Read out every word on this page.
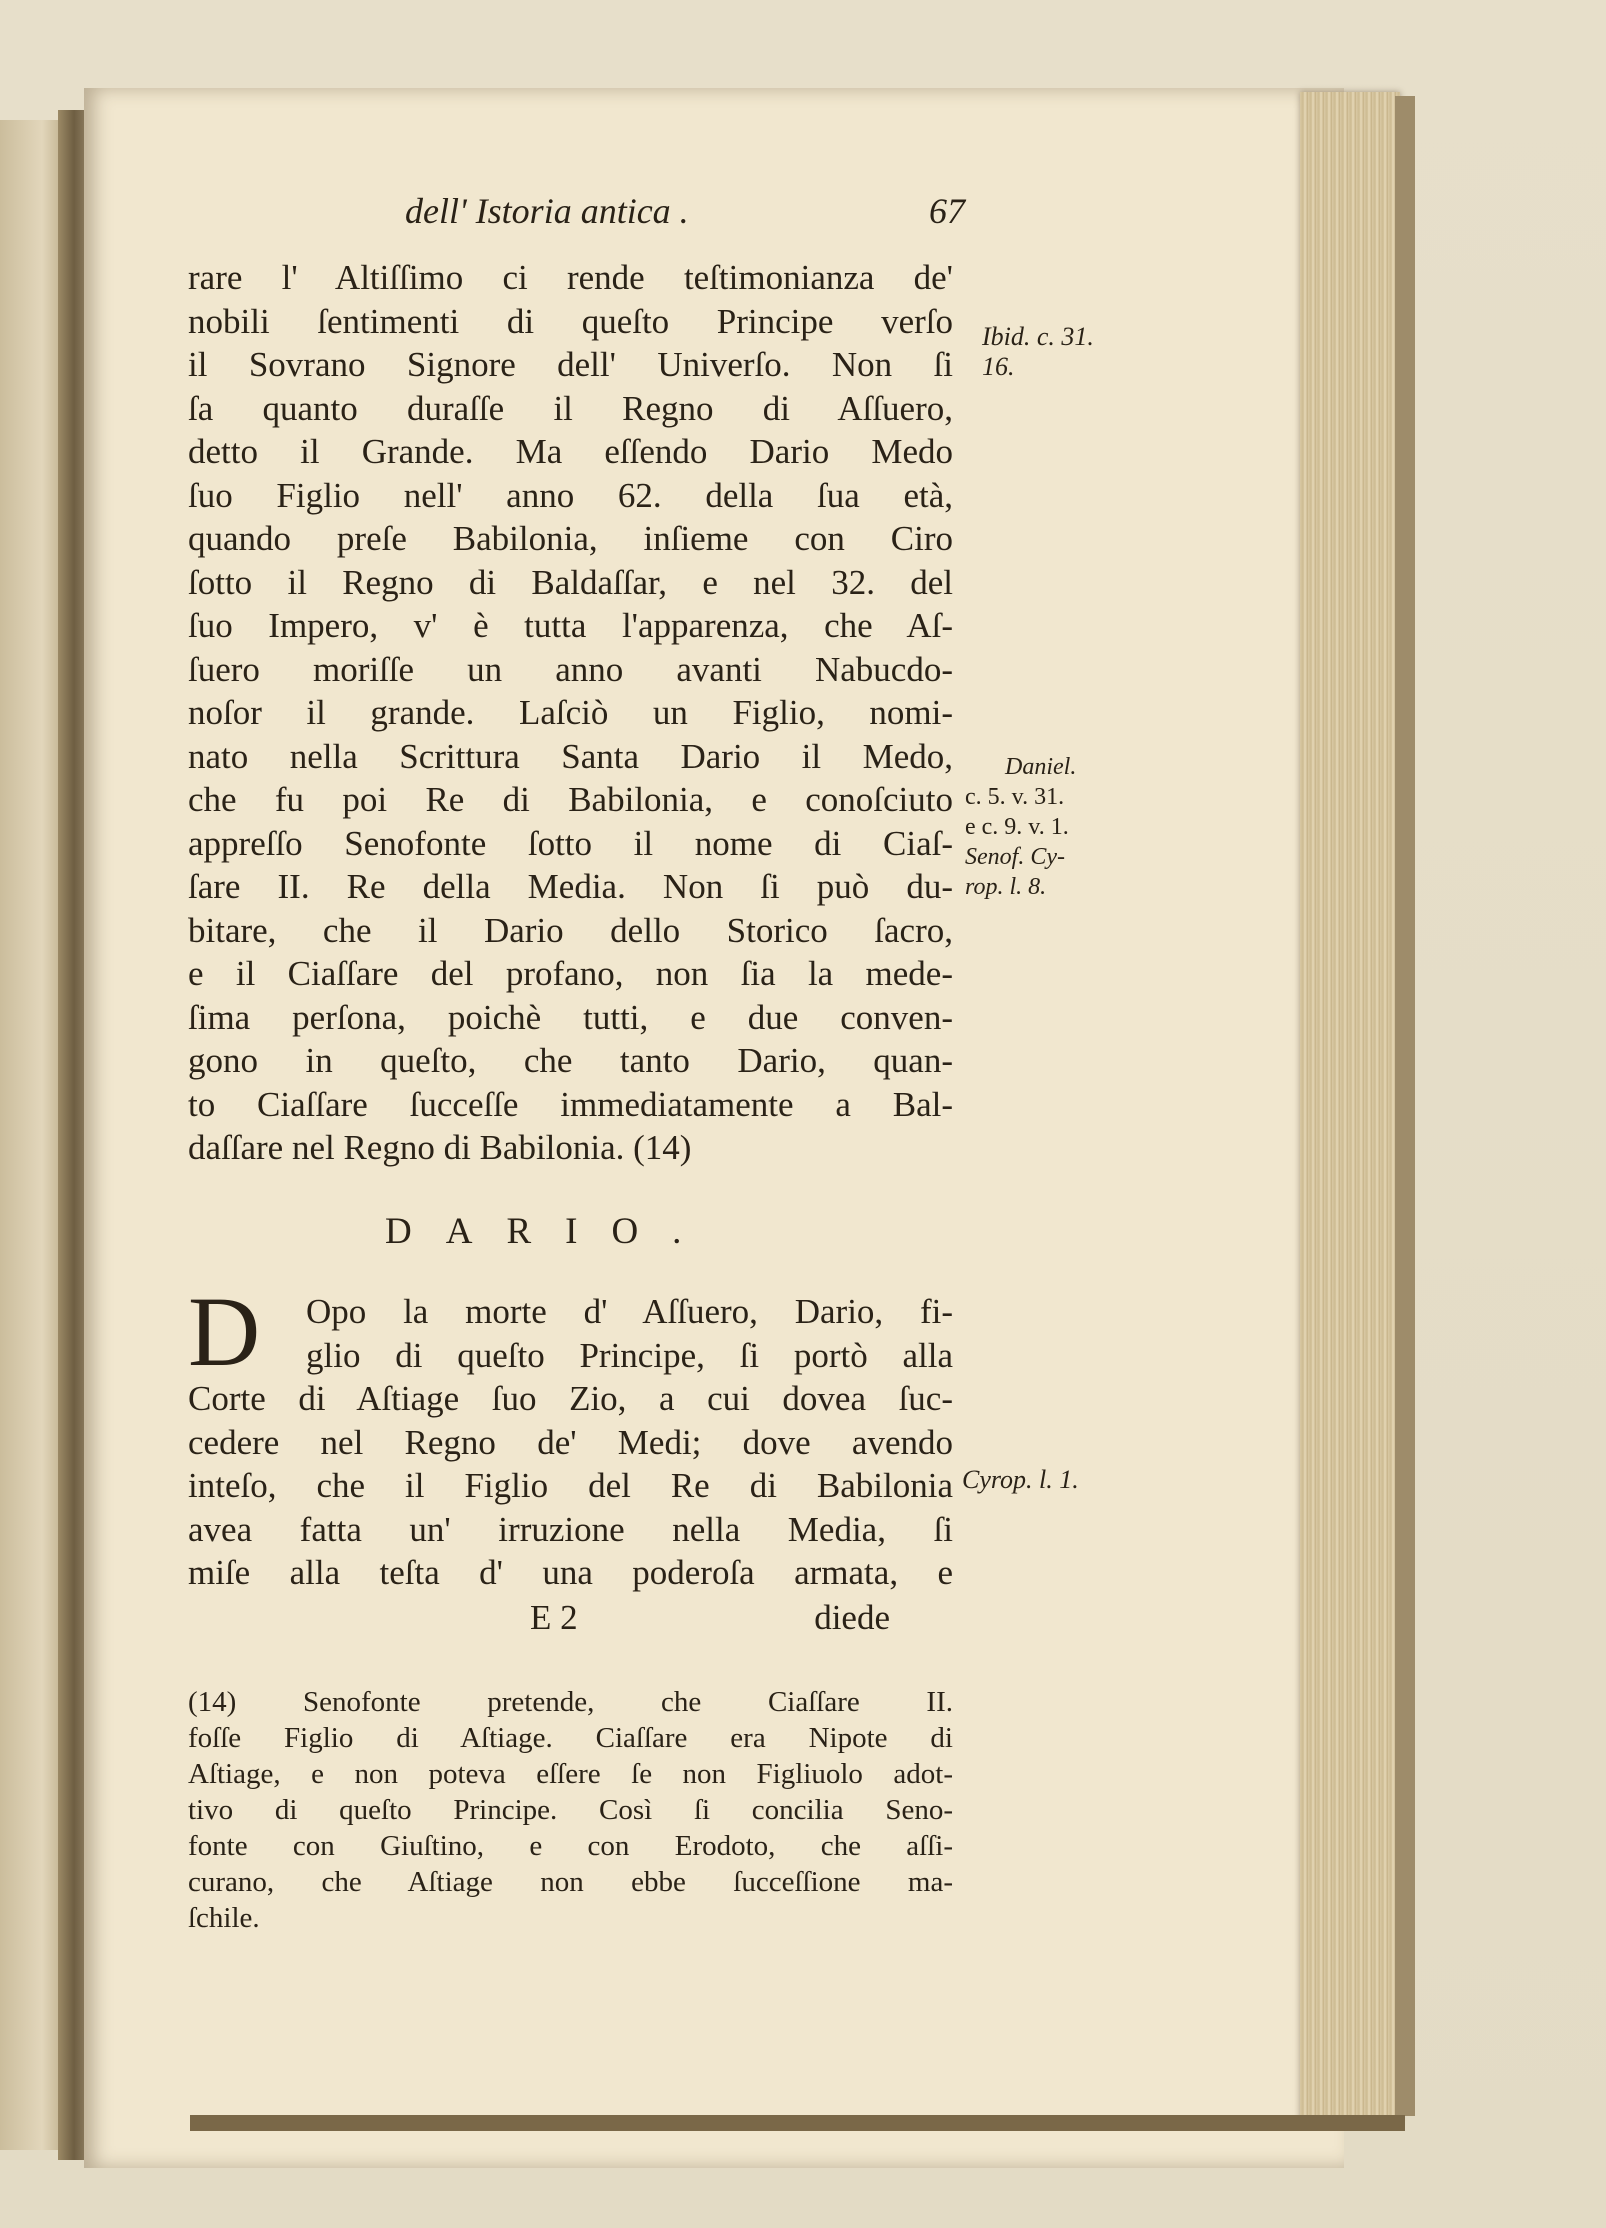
dell' Istoria antica .	67
rare l' Altiſſimo ci rende teſtimonianza de'
nobili ſentimenti di queſto Principe verſo
il Sovrano Signore dell' Univerſo. Non ſi
ſa quanto duraſſe il Regno di Aſſuero,
detto il Grande. Ma eſſendo Dario Medo
ſuo Figlio nell' anno 62. della ſua età,
quando preſe Babilonia, inſieme con Ciro
ſotto il Regno di Baldaſſar, e nel 32. del
ſuo Impero, v' è tutta l'apparenza, che Aſ-
ſuero moriſſe un anno avanti Nabucdo-
noſor il grande. Laſciò un Figlio, nomi-
nato nella Scrittura Santa Dario il Medo,
che fu poi Re di Babilonia, e conoſciuto
appreſſo Senofonte ſotto il nome di Ciaſ-
ſare II. Re della Media. Non ſi può du-
bitare, che il Dario dello Storico ſacro,
e il Ciaſſare del profano, non ſia la mede-
ſima perſona, poichè tutti, e due conven-
gono in queſto, che tanto Dario, quan-
to Ciaſſare ſucceſſe immediatamente a Bal-
daſſare nel Regno di Babilonia. (14)
DARIO.
D	Opo la morte d' Aſſuero, Dario, fi-
glio di queſto Principe, ſi portò alla
Corte di Aſtiage ſuo Zio, a cui dovea ſuc-
cedere nel Regno de' Medi; dove avendo
inteſo, che il Figlio del Re di Babilonia
avea fatta un' irruzione nella Media, ſi
miſe alla teſta d' una poderoſa armata, e
E 2	diede
(14) Senofonte pretende, che Ciaſſare II.
foſſe Figlio di Aſtiage. Ciaſſare era Nipote di
Aſtiage, e non poteva eſſere ſe non Figliuolo adot-
tivo di queſto Principe. Così ſi concilia Seno-
fonte con Giuſtino, e con Erodoto, che aſſi-
curano, che Aſtiage non ebbe ſucceſſione ma-
ſchile.
Ibid. c. 31.
16.
Daniel.
c. 5. v. 31.
e c. 9. v. 1.
Senof. Cy-
rop. l. 8.
Cyrop. l. 1.
